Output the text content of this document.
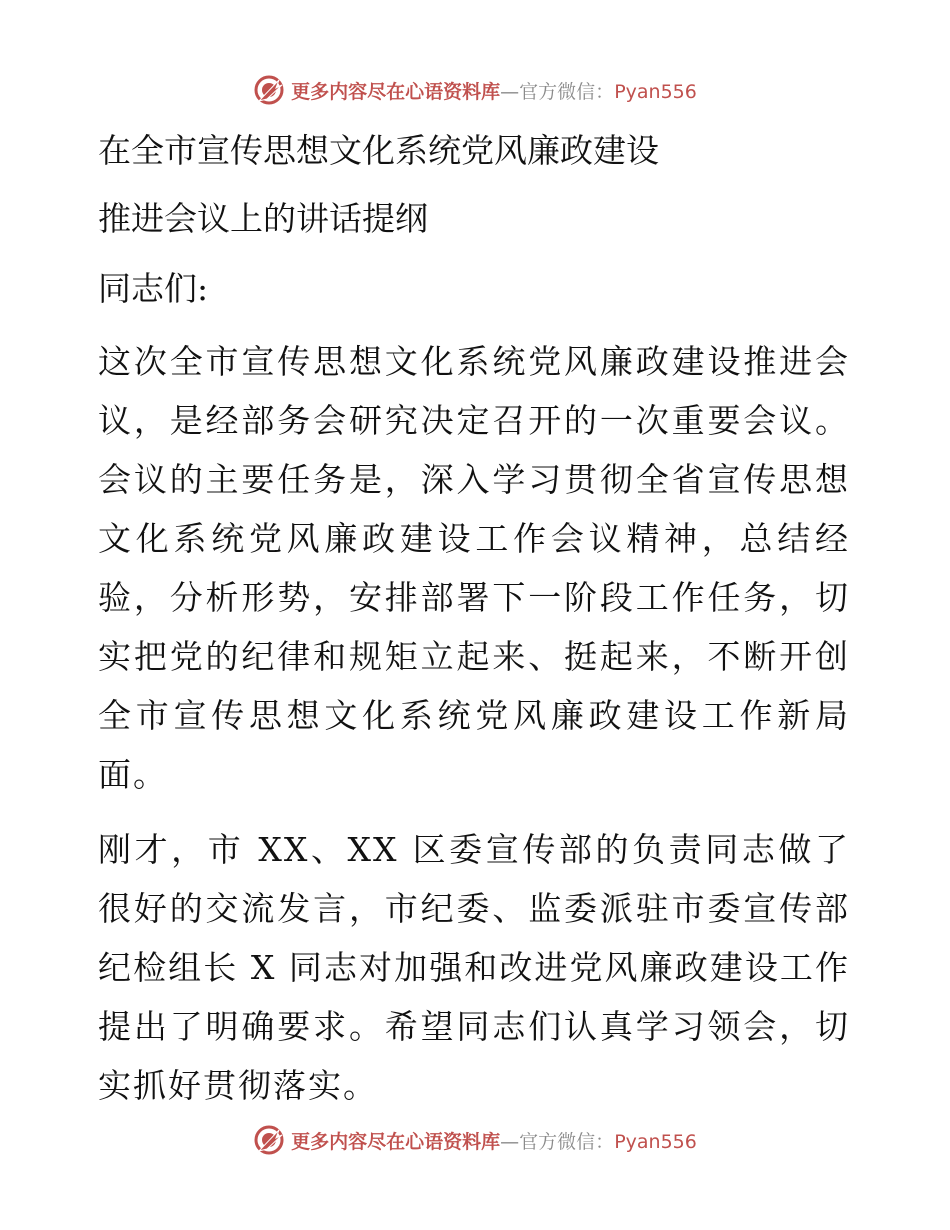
更多内容尽在心语资料库—官方微信：Pyan556

在全市宣传思想文化系统党风廉政建设

推进会议上的讲话提纲

同志们:

这次全市宣传思想文化系统党风廉政建设推进会议，是经部务会研究决定召开的一次重要会议。会议的主要任务是，深入学习贯彻全省宣传思想文化系统党风廉政建设工作会议精神，总结经验，分析形势，安排部署下一阶段工作任务，切实把党的纪律和规矩立起来、挺起来，不断开创全市宣传思想文化系统党风廉政建设工作新局面。

刚才，市 XX、XX 区委宣传部的负责同志做了很好的交流发言，市纪委、监委派驻市委宣传部纪检组长 X 同志对加强和改进党风廉政建设工作提出了明确要求。希望同志们认真学习领会，切实抓好贯彻落实。

更多内容尽在心语资料库—官方微信：Pyan556
